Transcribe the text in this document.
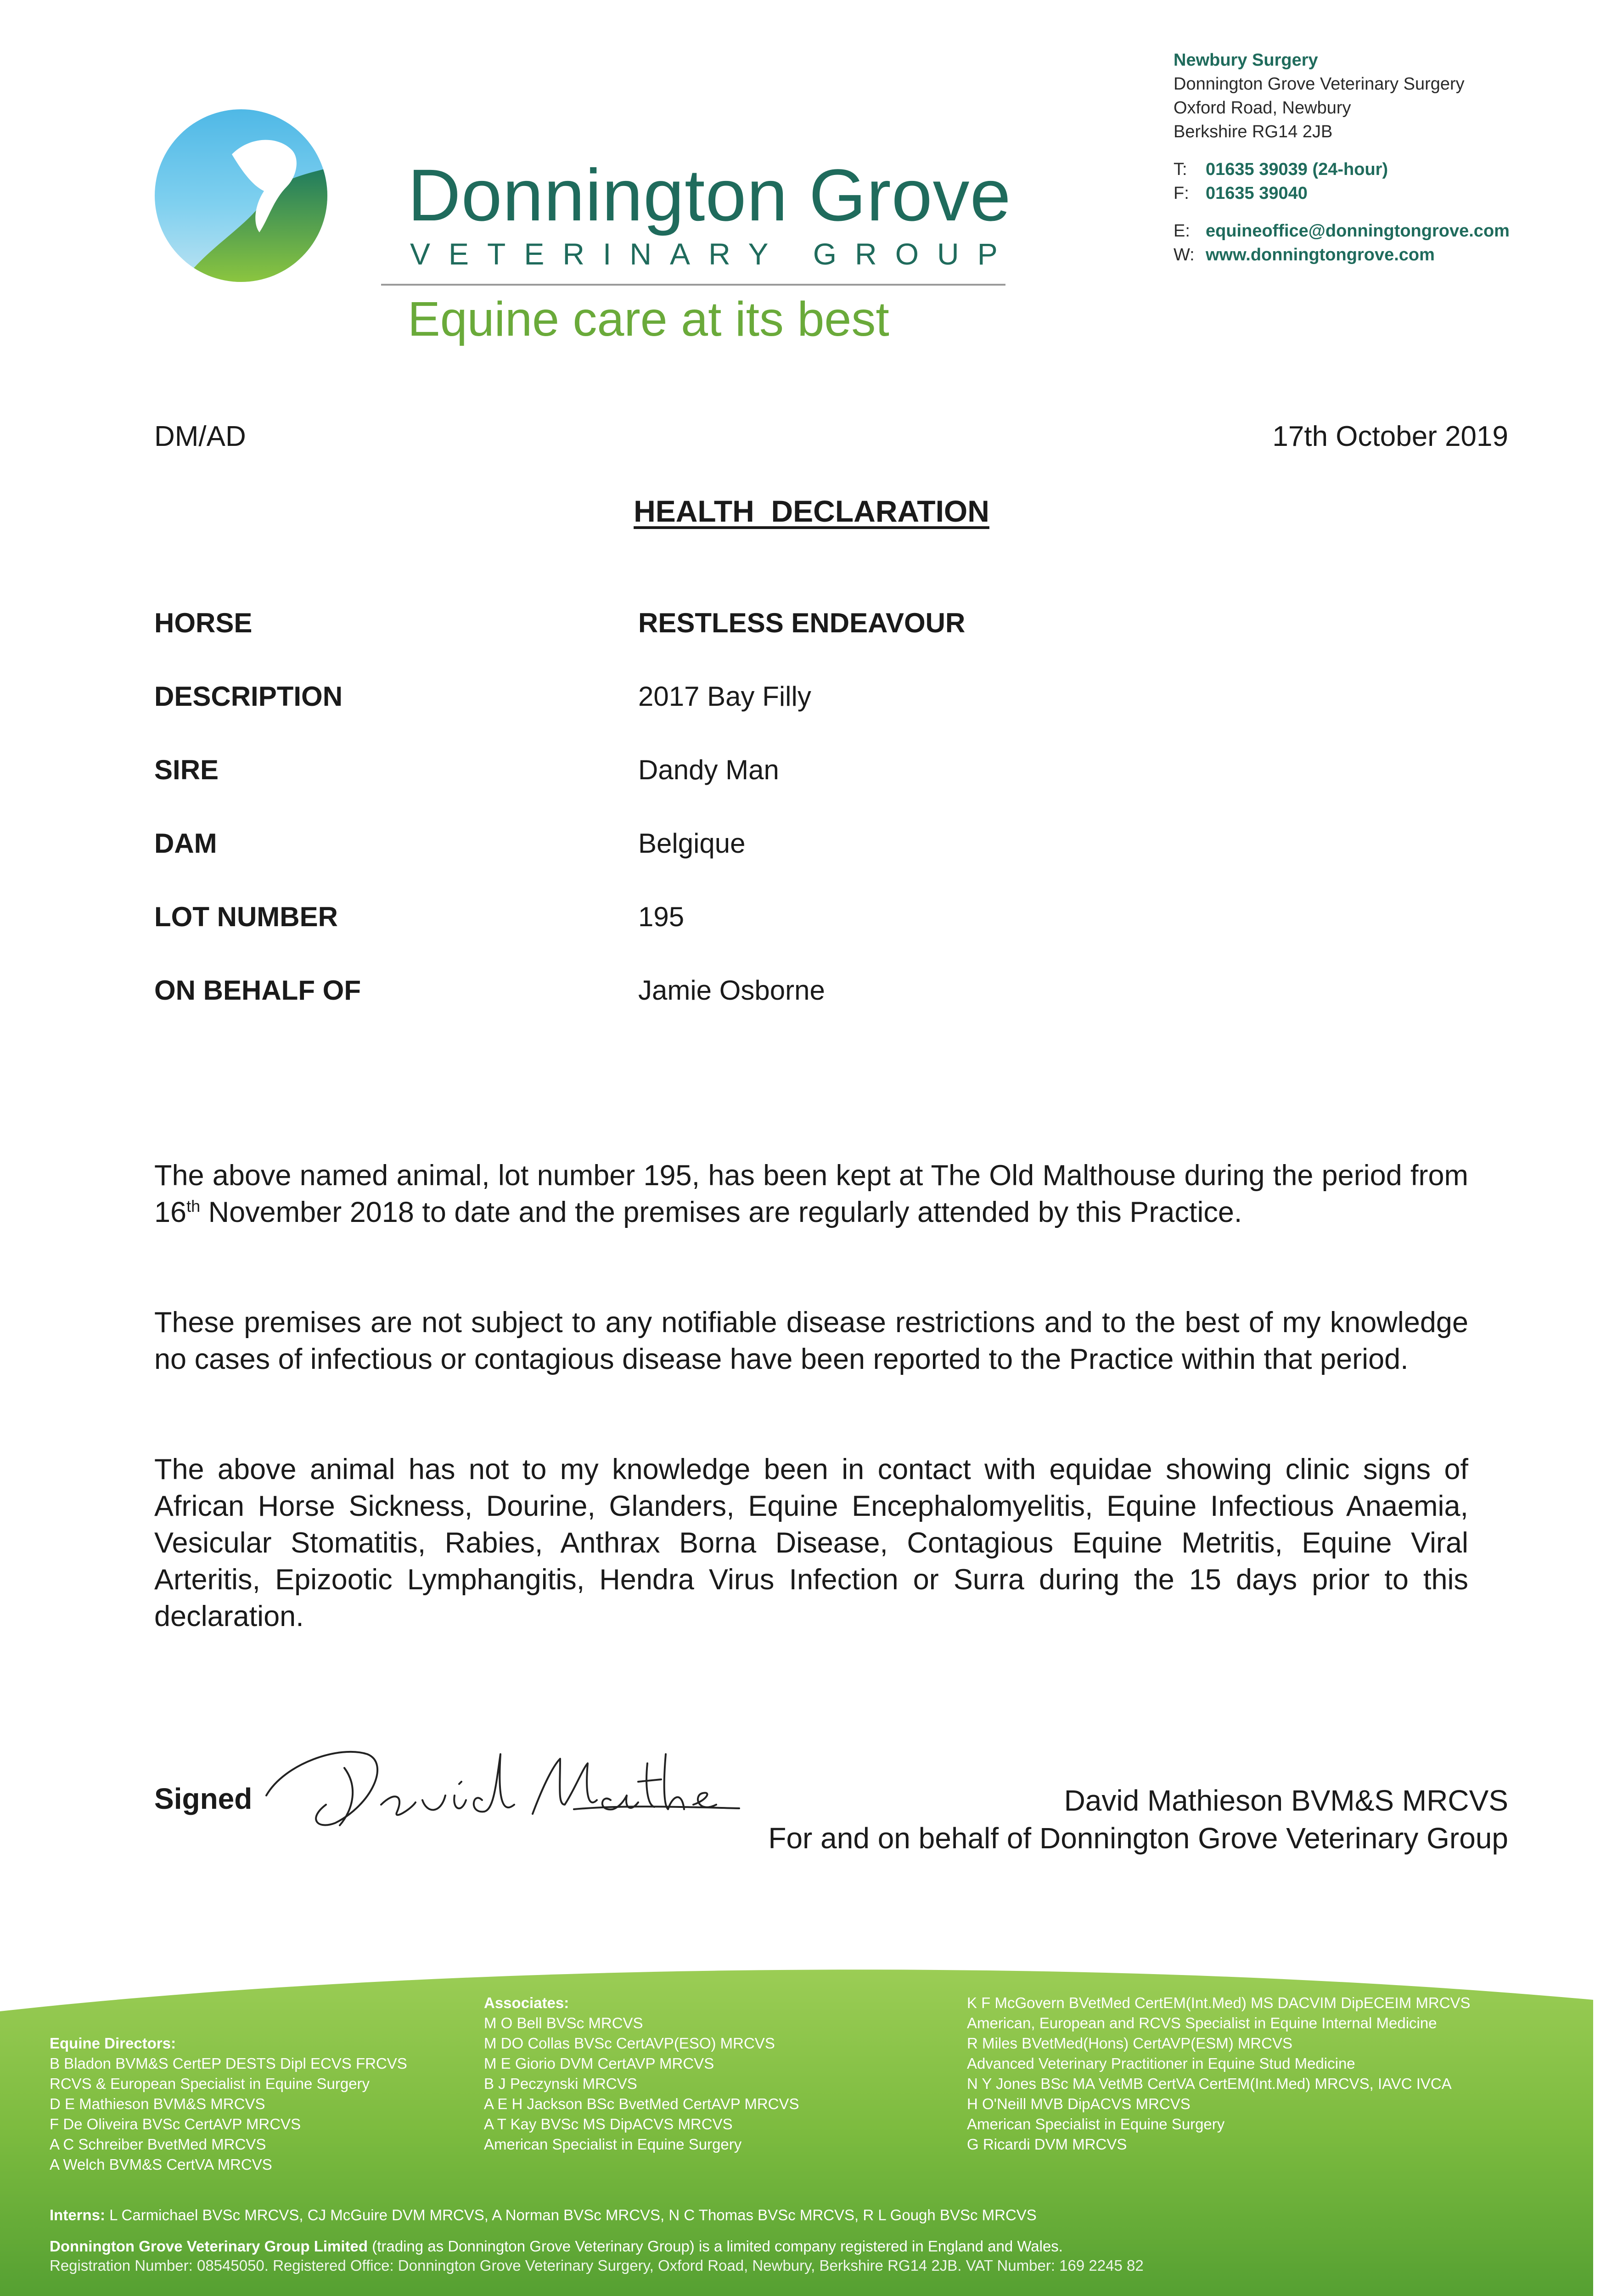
Donnington Grove
VETERINARY GROUP
Equine care at its best
Newbury Surgery
Donnington Grove Veterinary Surgery
Oxford Road, Newbury
Berkshire RG14 2JB
T: 01635 39039 (24-hour)
F: 01635 39040
E: equineoffice@donningtongrove.com
W: www.donningtongrove.com
DM/AD	17th October 2019
HEALTH  DECLARATION
HORSE	RESTLESS ENDEAVOUR
DESCRIPTION	2017 Bay Filly
SIRE	Dandy Man
DAM	Belgique
LOT NUMBER	195
ON BEHALF OF	Jamie Osborne
The above named animal, lot number 195, has been kept at The Old Malthouse during the period from 16th November 2018 to date and the premises are regularly attended by this Practice.
These premises are not subject to any notifiable disease restrictions and to the best of my knowledge no cases of infectious or contagious disease have been reported to the Practice within that period.
The above animal has not to my knowledge been in contact with equidae showing clinic signs of African Horse Sickness, Dourine, Glanders, Equine Encephalomyelitis, Equine Infectious Anaemia, Vesicular Stomatitis, Rabies, Anthrax Borna Disease, Contagious Equine Metritis, Equine Viral Arteritis, Epizootic Lymphangitis, Hendra Virus Infection or Surra during the 15 days prior to this declaration.
Signed	David Mathieson BVM&S MRCVS
For and on behalf of Donnington Grove Veterinary Group
Equine Directors:
B Bladon BVM&S CertEP DESTS Dipl ECVS FRCVS
RCVS & European Specialist in Equine Surgery
D E Mathieson BVM&S MRCVS
F De Oliveira BVSc CertAVP MRCVS
A C Schreiber BvetMed MRCVS
A Welch BVM&S CertVA MRCVS
Associates:
M O Bell BVSc MRCVS
M DO Collas BVSc CertAVP(ESO) MRCVS
M E Giorio DVM CertAVP MRCVS
B J Peczynski MRCVS
A E H Jackson BSc BvetMed CertAVP MRCVS
A T Kay BVSc MS DipACVS MRCVS
American Specialist in Equine Surgery
K F McGovern BVetMed CertEM(Int.Med) MS DACVIM DipECEIM MRCVS
American, European and RCVS Specialist in Equine Internal Medicine
R Miles BVetMed(Hons) CertAVP(ESM) MRCVS
Advanced Veterinary Practitioner in Equine Stud Medicine
N Y Jones BSc MA VetMB CertVA CertEM(Int.Med) MRCVS, IAVC IVCA
H O'Neill MVB DipACVS MRCVS
American Specialist in Equine Surgery
G Ricardi DVM MRCVS
Interns: L Carmichael BVSc MRCVS, CJ McGuire DVM MRCVS, A Norman BVSc MRCVS, N C Thomas BVSc MRCVS, R L Gough BVSc MRCVS
Donnington Grove Veterinary Group Limited (trading as Donnington Grove Veterinary Group) is a limited company registered in England and Wales.
Registration Number: 08545050. Registered Office: Donnington Grove Veterinary Surgery, Oxford Road, Newbury, Berkshire RG14 2JB. VAT Number: 169 2245 82
